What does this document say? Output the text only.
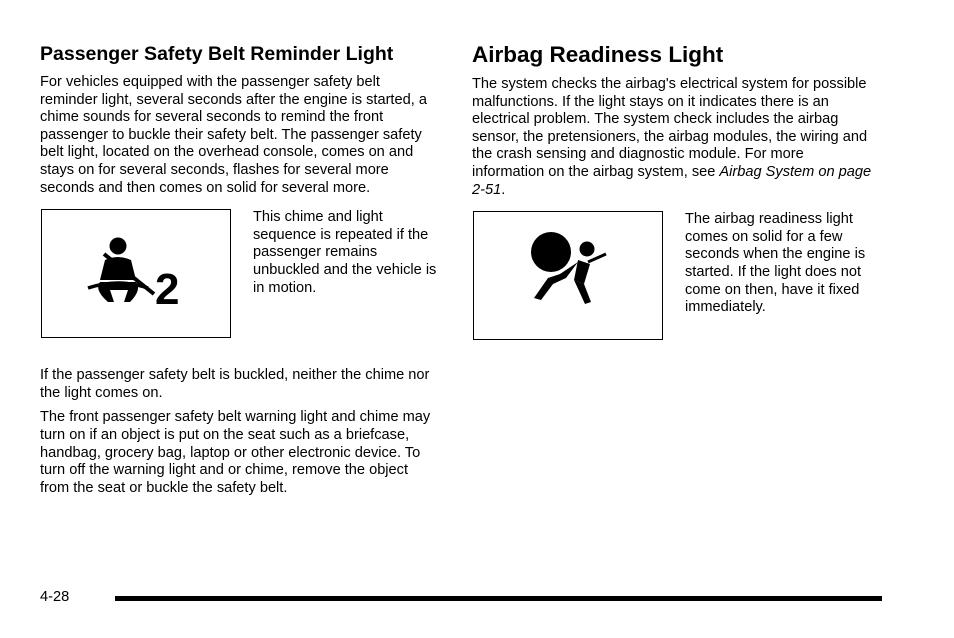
Passenger Safety Belt Reminder Light

For vehicles equipped with the passenger safety belt reminder light, several seconds after the engine is started, a chime sounds for several seconds to remind the front passenger to buckle their safety belt. The passenger safety belt light, located on the overhead console, comes on and stays on for several seconds, flashes for several more seconds and then comes on solid for several more.

2

This chime and light sequence is repeated if the passenger remains unbuckled and the vehicle is in motion.

If the passenger safety belt is buckled, neither the chime nor the light comes on.

The front passenger safety belt warning light and chime may turn on if an object is put on the seat such as a briefcase, handbag, grocery bag, laptop or other electronic device. To turn off the warning light and or chime, remove the object from the seat or buckle the safety belt.

Airbag Readiness Light

The system checks the airbag's electrical system for possible malfunctions. If the light stays on it indicates there is an electrical problem. The system check includes the airbag sensor, the pretensioners, the airbag modules, the wiring and the crash sensing and diagnostic module. For more information on the airbag system, see Airbag System on page 2-51.

The airbag readiness light comes on solid for a few seconds when the engine is started. If the light does not come on then, have it fixed immediately.

4-28
